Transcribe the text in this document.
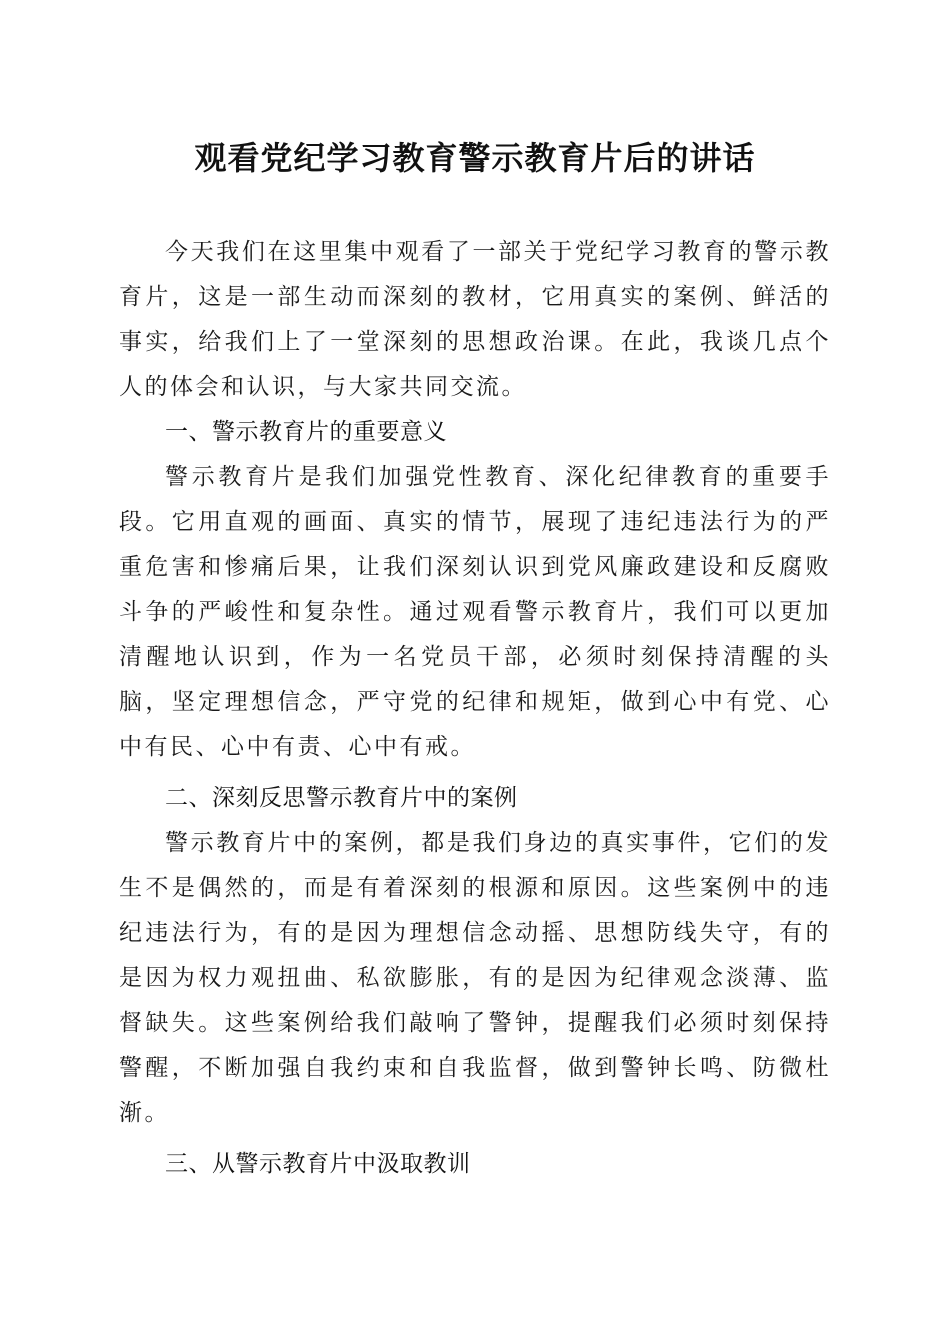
观看党纪学习教育警示教育片后的讲话

今天我们在这里集中观看了一部关于党纪学习教育的警示教育片，这是一部生动而深刻的教材，它用真实的案例、鲜活的事实，给我们上了一堂深刻的思想政治课。在此，我谈几点个人的体会和认识，与大家共同交流。

一、警示教育片的重要意义

警示教育片是我们加强党性教育、深化纪律教育的重要手段。它用直观的画面、真实的情节，展现了违纪违法行为的严重危害和惨痛后果，让我们深刻认识到党风廉政建设和反腐败斗争的严峻性和复杂性。通过观看警示教育片，我们可以更加清醒地认识到，作为一名党员干部，必须时刻保持清醒的头脑，坚定理想信念，严守党的纪律和规矩，做到心中有党、心中有民、心中有责、心中有戒。

二、深刻反思警示教育片中的案例

警示教育片中的案例，都是我们身边的真实事件，它们的发生不是偶然的，而是有着深刻的根源和原因。这些案例中的违纪违法行为，有的是因为理想信念动摇、思想防线失守，有的是因为权力观扭曲、私欲膨胀，有的是因为纪律观念淡薄、监督缺失。这些案例给我们敲响了警钟，提醒我们必须时刻保持警醒，不断加强自我约束和自我监督，做到警钟长鸣、防微杜渐。

三、从警示教育片中汲取教训
